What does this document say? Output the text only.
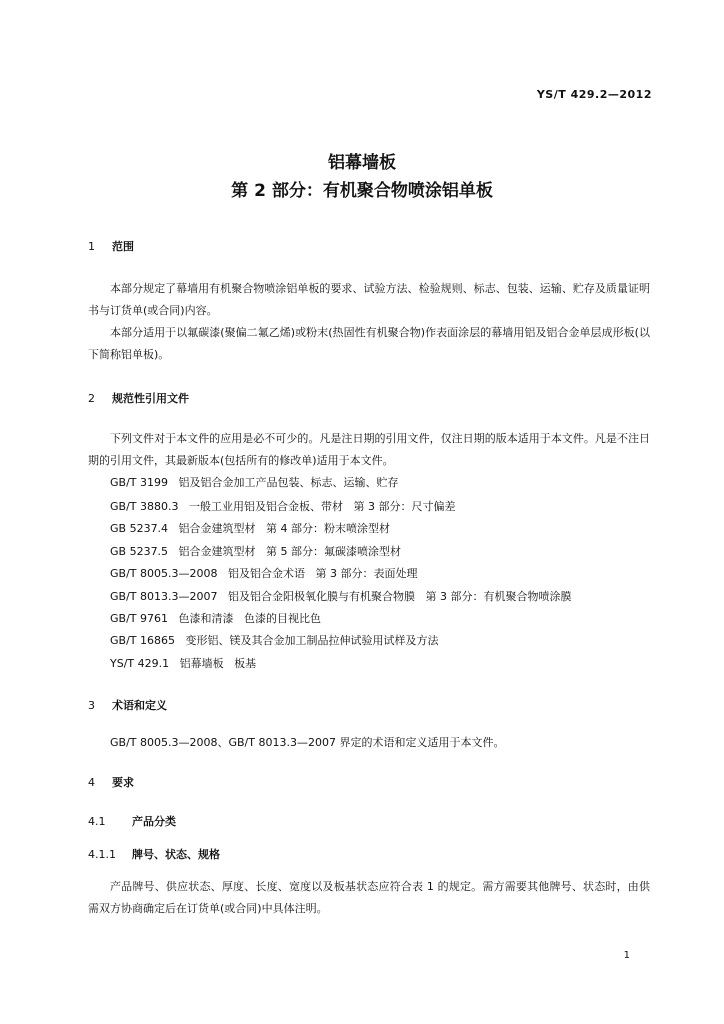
YS/T 429.2—2012
铝幕墙板
第 2 部分：有机聚合物喷涂铝单板
1 范围
本部分规定了幕墙用有机聚合物喷涂铝单板的要求、试验方法、检验规则、标志、包装、运输、贮存及质量证明书与订货单(或合同)内容。
本部分适用于以氟碳漆(聚偏二氟乙烯)或粉末(热固性有机聚合物)作表面涂层的幕墙用铝及铝合金单层成形板(以下简称铝单板)。
2 规范性引用文件
下列文件对于本文件的应用是必不可少的。凡是注日期的引用文件，仅注日期的版本适用于本文件。凡是不注日期的引用文件，其最新版本(包括所有的修改单)适用于本文件。
GB/T 3199   铝及铝合金加工产品包装、标志、运输、贮存
GB/T 3880.3   一般工业用铝及铝合金板、带材   第 3 部分：尺寸偏差
GB 5237.4   铝合金建筑型材   第 4 部分：粉末喷涂型材
GB 5237.5   铝合金建筑型材   第 5 部分：氟碳漆喷涂型材
GB/T 8005.3—2008   铝及铝合金术语   第 3 部分：表面处理
GB/T 8013.3—2007   铝及铝合金阳极氧化膜与有机聚合物膜   第 3 部分：有机聚合物喷涂膜
GB/T 9761   色漆和清漆   色漆的目视比色
GB/T 16865   变形铝、镁及其合金加工制品拉伸试验用试样及方法
YS/T 429.1   铝幕墙板   板基
3 术语和定义
GB/T 8005.3—2008、GB/T 8013.3—2007 界定的术语和定义适用于本文件。
4 要求
4.1 产品分类
4.1.1 牌号、状态、规格
产品牌号、供应状态、厚度、长度、宽度以及板基状态应符合表 1 的规定。需方需要其他牌号、状态时，由供需双方协商确定后在订货单(或合同)中具体注明。
1
